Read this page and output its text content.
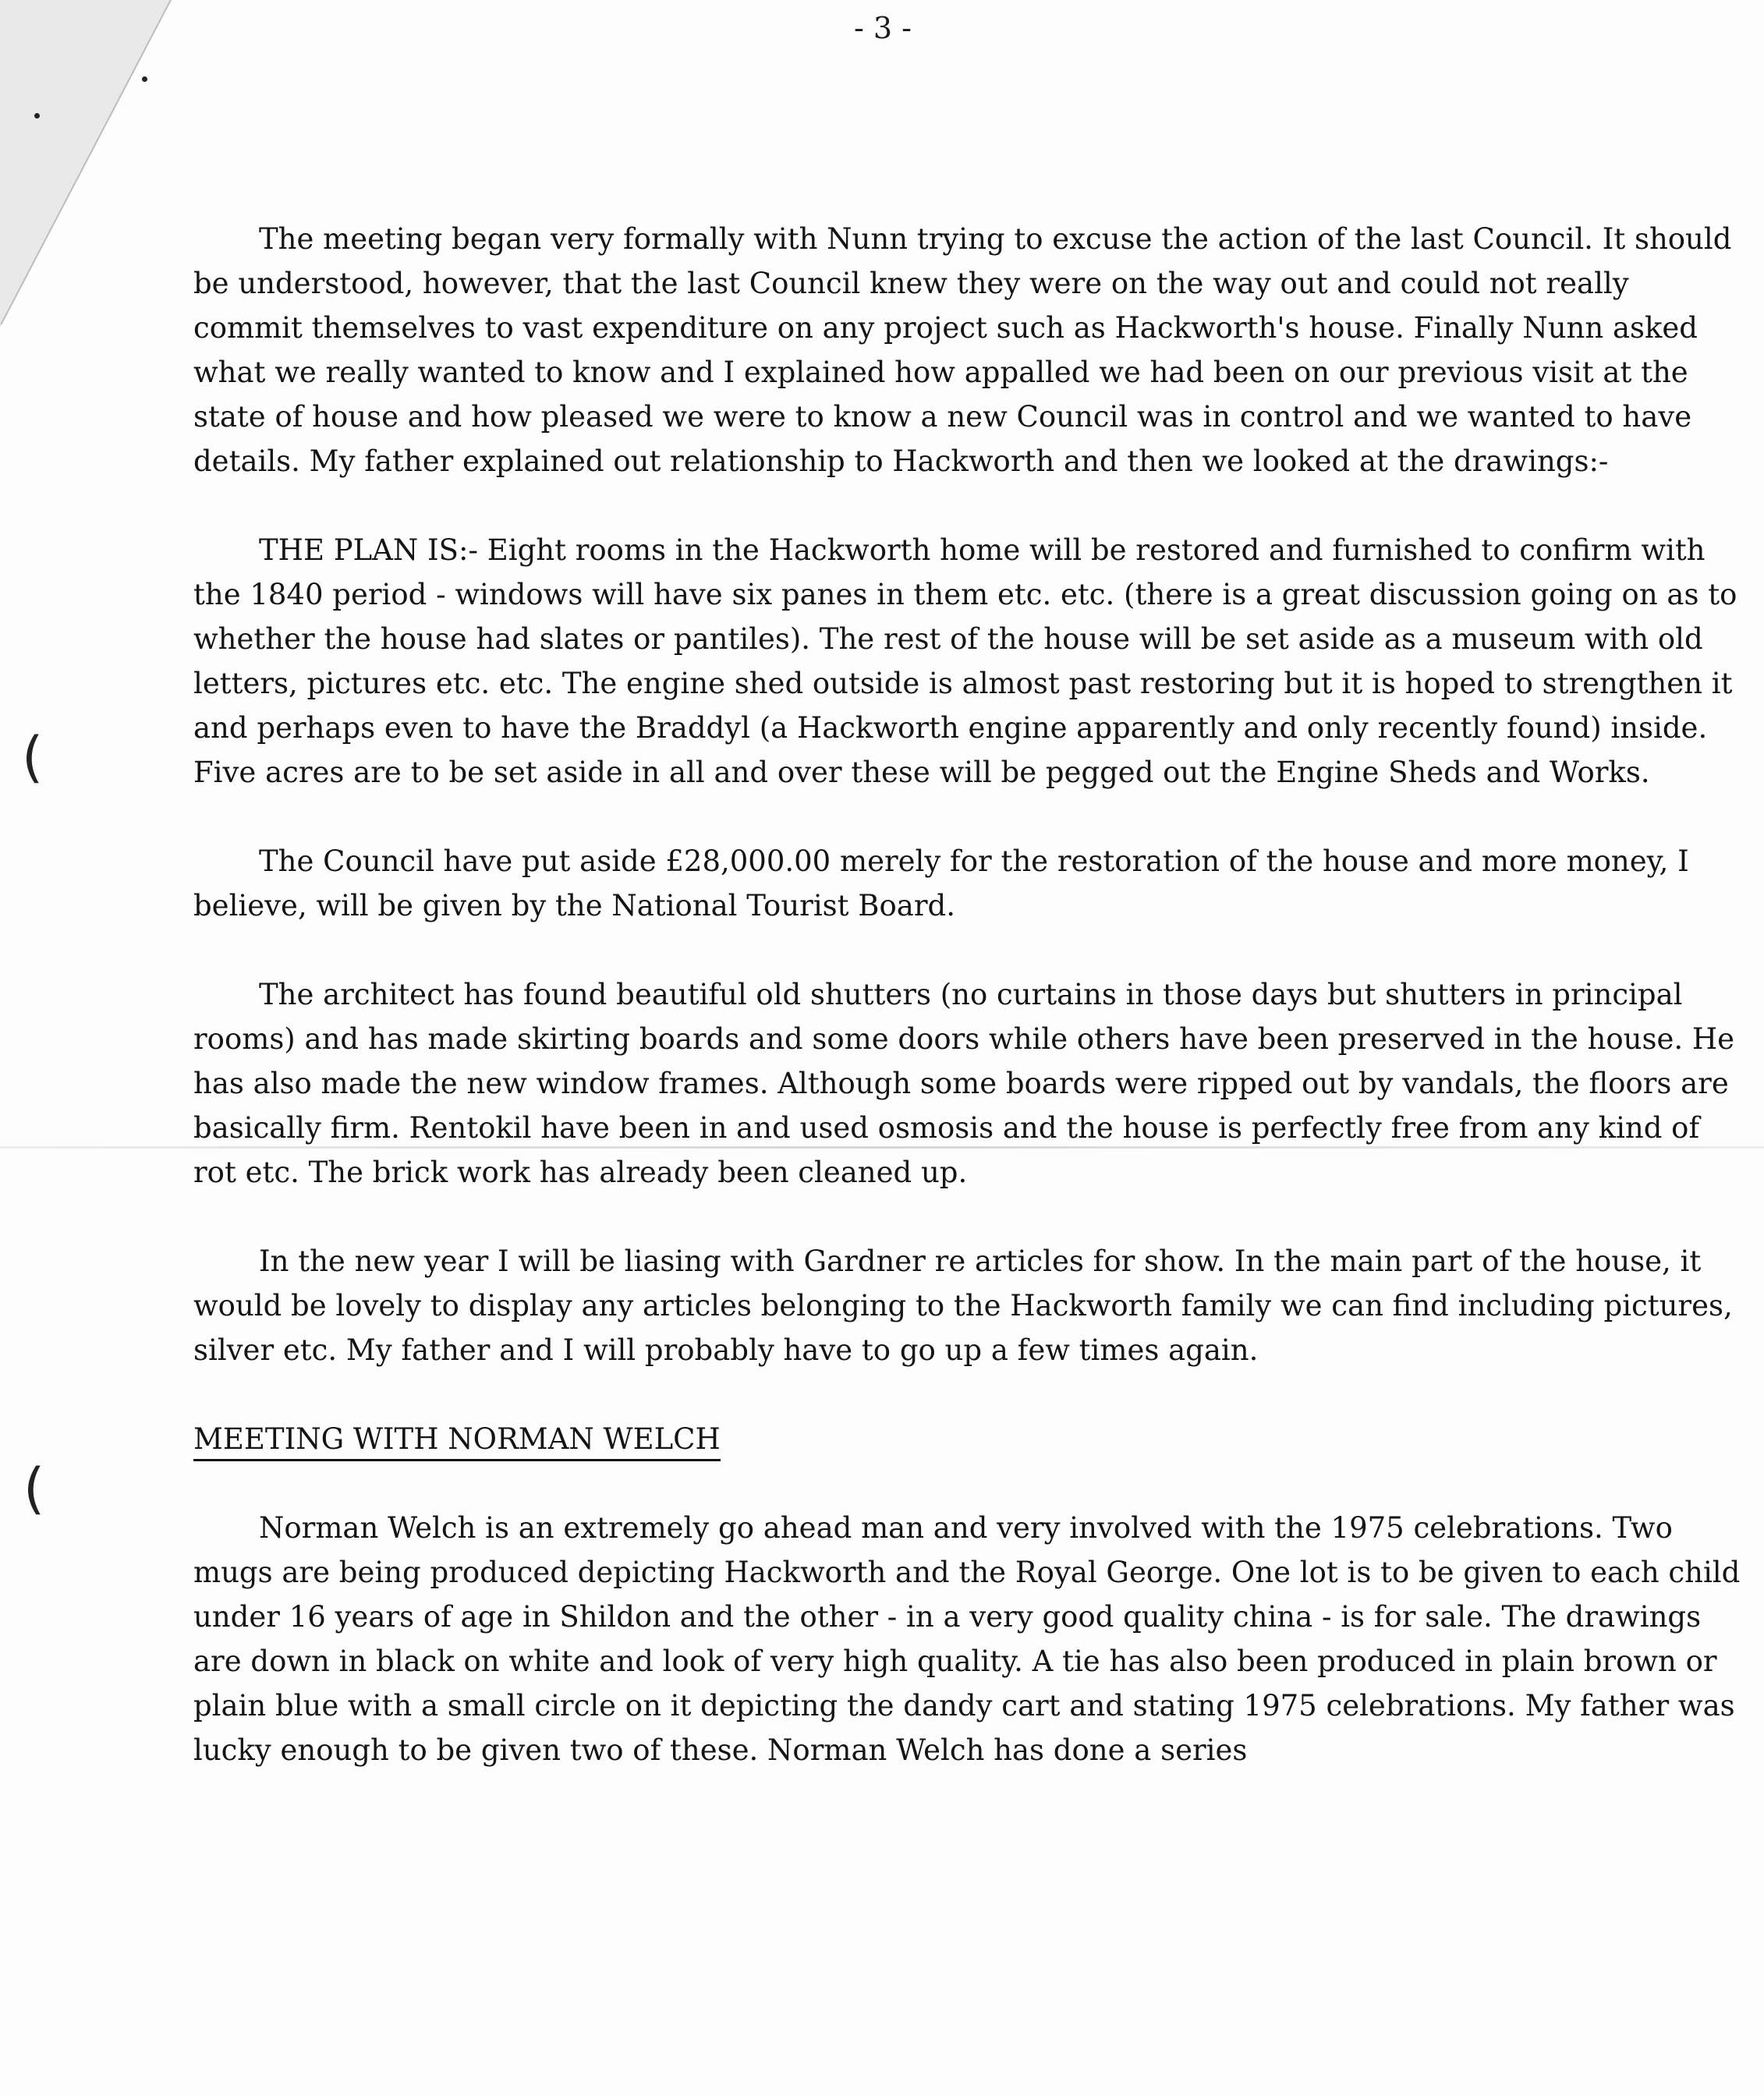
- 3 -
(
(

The meeting began very formally with Nunn trying to excuse the action of the last Council. It should be understood, however, that the last Council knew they were on the way out and could not really commit themselves to vast expenditure on any project such as Hackworth's house. Finally Nunn asked what we really wanted to know and I explained how appalled we had been on our previous visit at the state of house and how pleased we were to know a new Council was in control and we wanted to have details. My father explained out relationship to Hackworth and then we looked at the drawings:-

THE PLAN IS:- Eight rooms in the Hackworth home will be restored and furnished to confirm with the 1840 period - windows will have six panes in them etc. etc. (there is a great discussion going on as to whether the house had slates or pantiles). The rest of the house will be set aside as a museum with old letters, pictures etc. etc. The engine shed outside is almost past restoring but it is hoped to strengthen it and perhaps even to have the Braddyl (a Hackworth engine apparently and only recently found) inside. Five acres are to be set aside in all and over these will be pegged out the Engine Sheds and Works.

The Council have put aside £28,000.00 merely for the restoration of the house and more money, I believe, will be given by the National Tourist Board.

The architect has found beautiful old shutters (no curtains in those days but shutters in principal rooms) and has made skirting boards and some doors while others have been preserved in the house. He has also made the new window frames. Although some boards were ripped out by vandals, the floors are basically firm. Rentokil have been in and used osmosis and the house is perfectly free from any kind of rot etc. The brick work has already been cleaned up.

In the new year I will be liasing with Gardner re articles for show. In the main part of the house, it would be lovely to display any articles belonging to the Hackworth family we can find including pictures, silver etc. My father and I will probably have to go up a few times again.

MEETING WITH NORMAN WELCH

Norman Welch is an extremely go ahead man and very involved with the 1975 celebrations. Two mugs are being produced depicting Hackworth and the Royal George. One lot is to be given to each child under 16 years of age in Shildon and the other - in a very good quality china - is for sale. The drawings are down in black on white and look of very high quality. A tie has also been produced in plain brown or plain blue with a small circle on it depicting the dandy cart and stating 1975 celebrations. My father was lucky enough to be given two of these. Norman Welch has done a series
